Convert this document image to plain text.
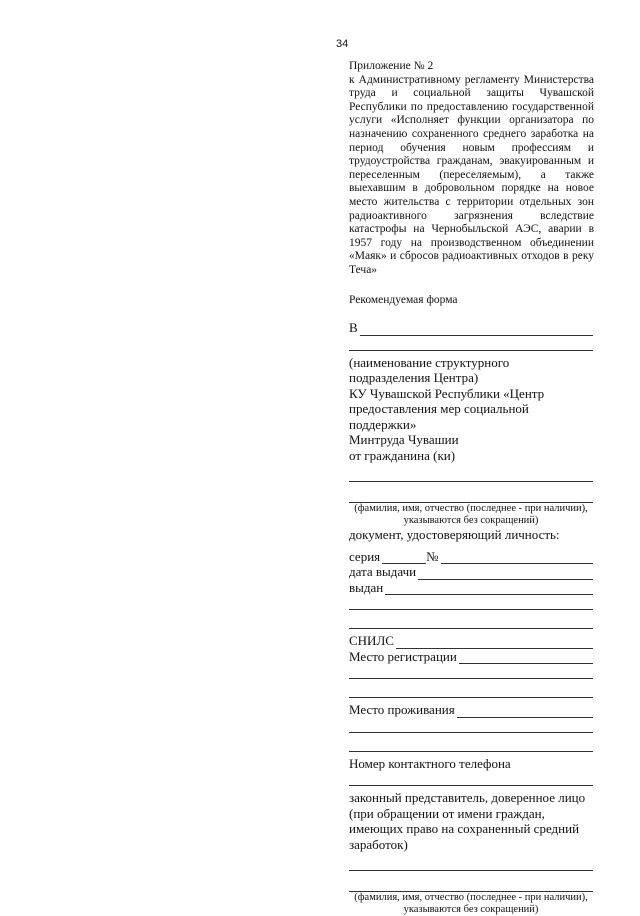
34
Приложение № 2
к Административному регламенту Министерства труда и социальной защиты Чувашской Республики по предоставлению государственной услуги «Исполняет функции организатора по назначению сохраненного среднего заработка на период обучения новым профессиям и трудоустройства гражданам, эвакуированным и переселенным (переселяемым), а также выехавшим в добровольном порядке на новое место жительства с территории отдельных зон радиоактивного загрязнения вследствие катастрофы на Чернобыльской АЭС, аварии в 1957 году на производственном объединении «Маяк» и сбросов радиоактивных отходов в реку Теча»
Рекомендуемая форма
В
(наименование структурного подразделения Центра)
КУ Чувашской Республики «Центр предоставления мер социальной поддержки»
Минтруда Чувашии
от гражданина (ки)
(фамилия, имя, отчество (последнее - при наличии), указываются без сокращений)
документ, удостоверяющий личность:
серия	№
дата выдачи
выдан
СНИЛС
Место регистрации
Место проживания
Номер контактного телефона
законный представитель, доверенное лицо (при обращении от имени граждан, имеющих право на сохраненный средний заработок)
(фамилия, имя, отчество (последнее - при наличии), указываются без сокращений)
